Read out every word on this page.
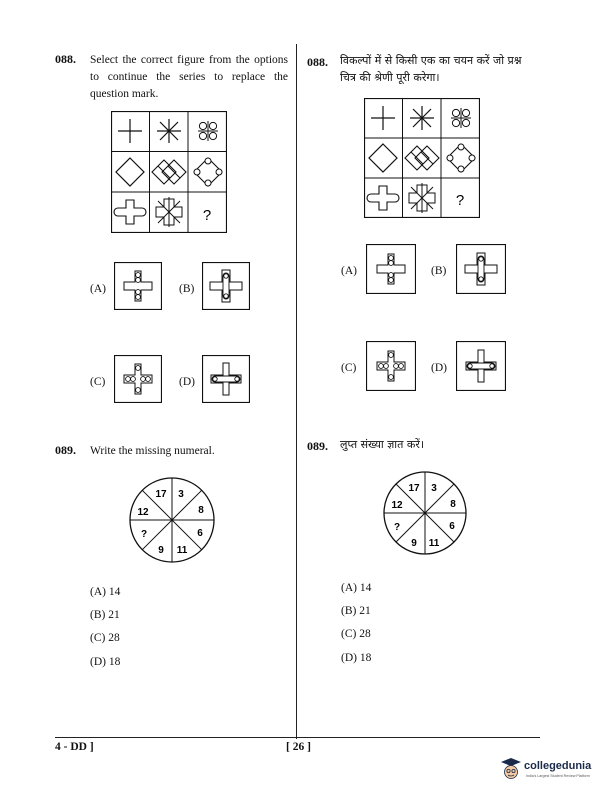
088. Select the correct figure from the options to continue the series to replace the question mark.
?
(A)	(B)
(C)	(D)
089. Write the missing numeral.
17 3
8
6
11
9
?
12
(A) 14
(B) 21
(C) 28
(D) 18
088. विकल्पों में से किसी एक का चयन करें जो प्रश्न चित्र की श्रेणी पूरी करेगा।
?
(A)	(B)
(C)	(D)
089. लुप्त संख्या ज्ञात करें।
17 3
8
6
11
9
?
12
(A) 14
(B) 21
(C) 28
(D) 18
4 - DD ]	[ 26 ]
collegedunia
India's Largest Student Review Platform
